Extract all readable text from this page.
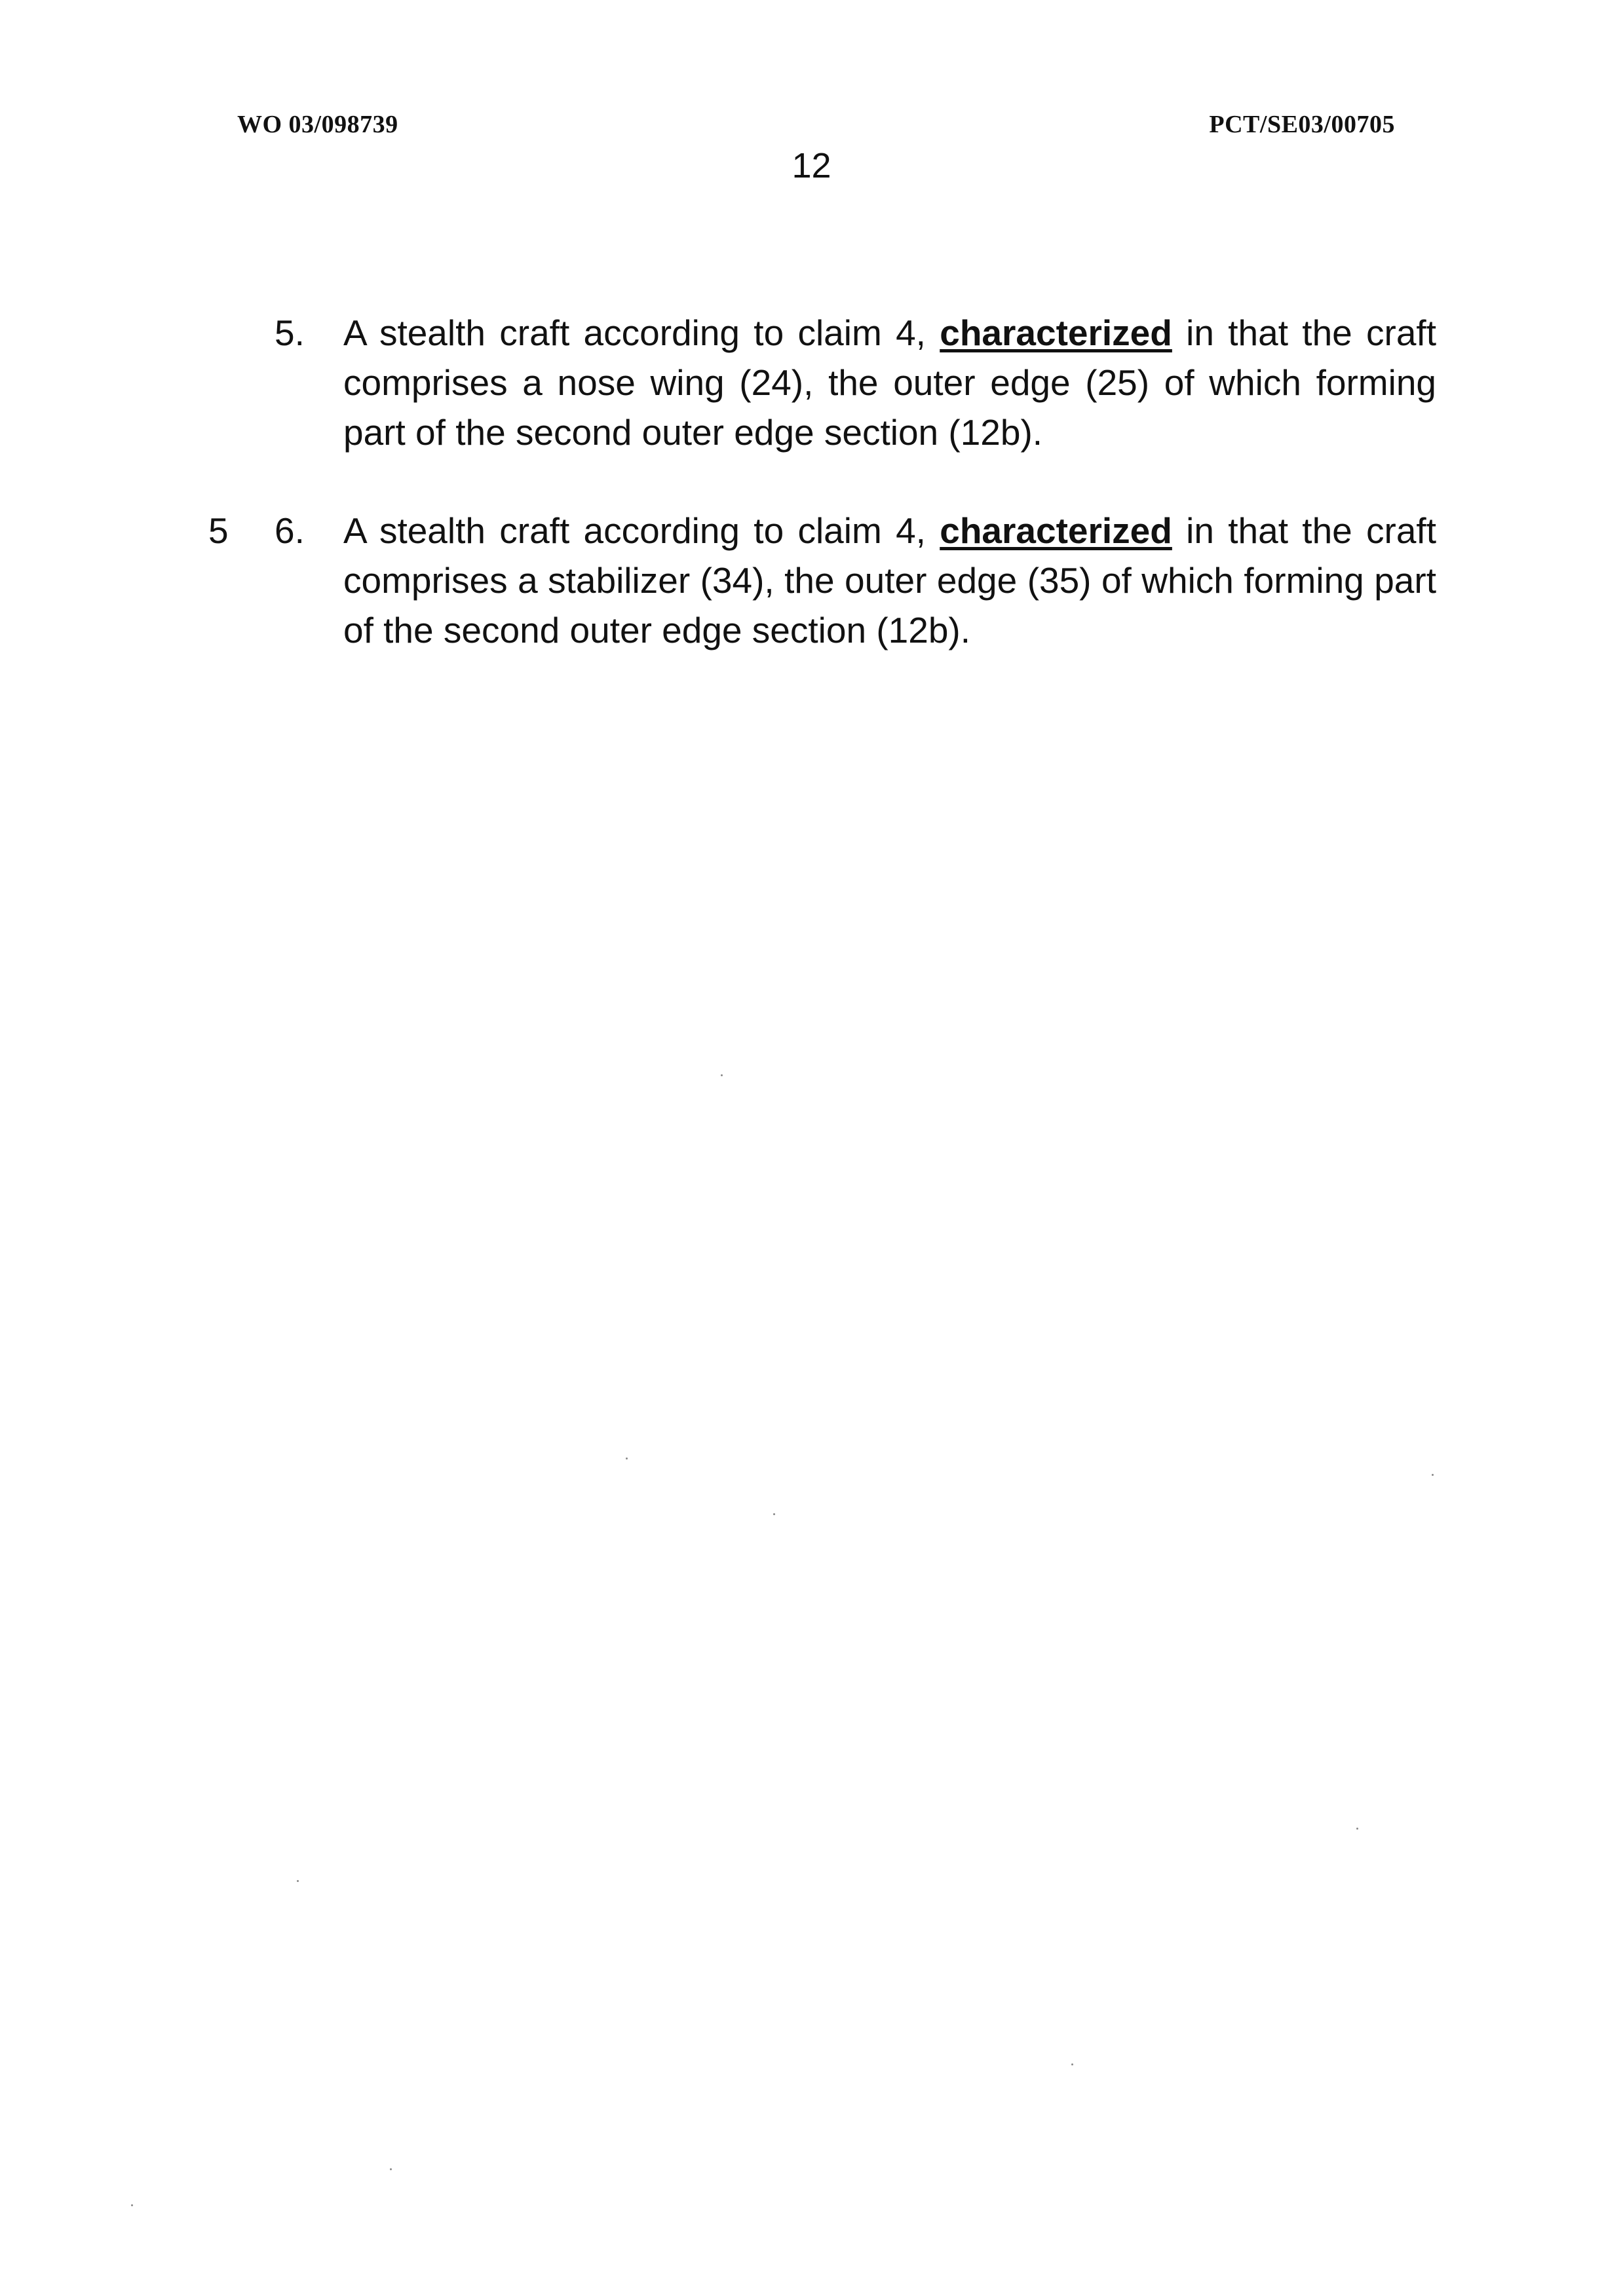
WO 03/098739	PCT/SE03/00705
12
5. A stealth craft according to claim 4, characterized in that the craft comprises a nose wing (24), the outer edge (25) of which forming part of the second outer edge section (12b).
5 6. A stealth craft according to claim 4, characterized in that the craft comprises a stabilizer (34), the outer edge (35) of which forming part of the second outer edge section (12b).
